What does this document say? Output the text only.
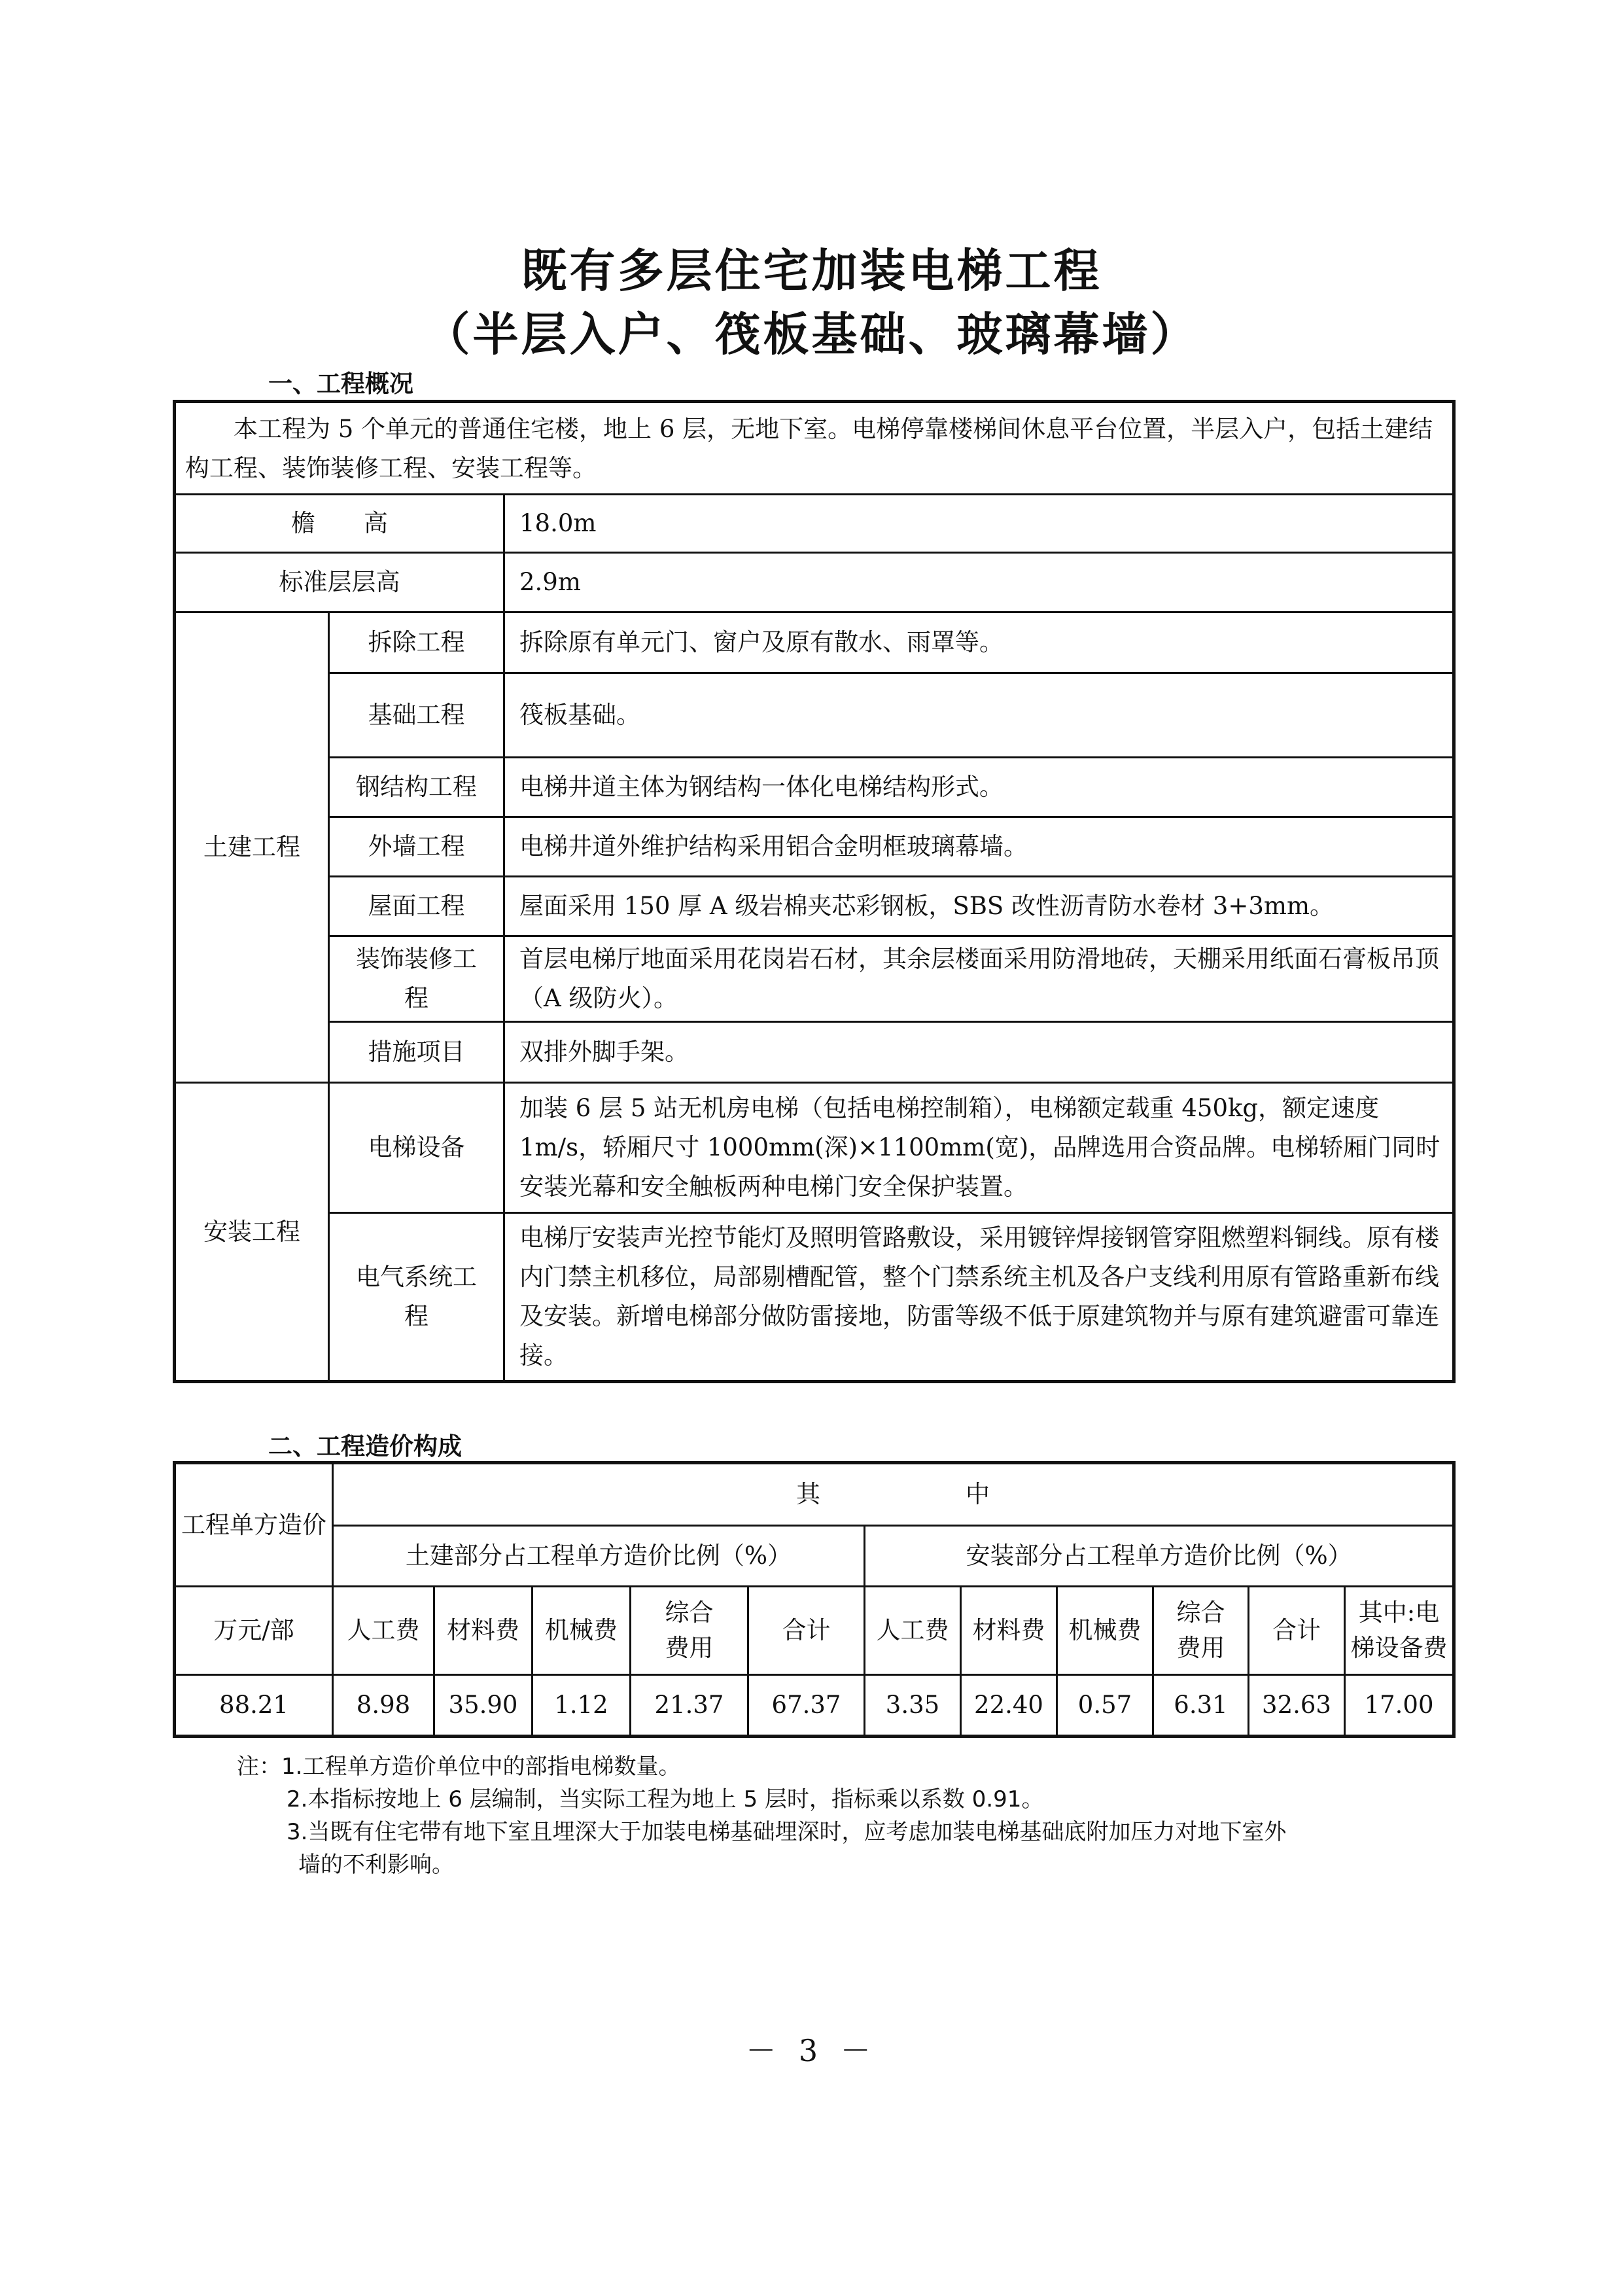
既有多层住宅加装电梯工程
（半层入户、筏板基础、玻璃幕墙）
一、工程概况
本工程为 5 个单元的普通住宅楼，地上 6 层，无地下室。电梯停靠楼梯间休息平台位置，半层入户，包括土建结构工程、装饰装修工程、安装工程等。		
檐　　高		18.0m
标准层层高		2.9m
土建工程	拆除工程	拆除原有单元门、窗户及原有散水、雨罩等。
	基础工程	筏板基础。
	钢结构工程	电梯井道主体为钢结构一体化电梯结构形式。
	外墙工程	电梯井道外维护结构采用铝合金明框玻璃幕墙。
	屋面工程	屋面采用 150 厚 A 级岩棉夹芯彩钢板，SBS 改性沥青防水卷材 3+3mm。
	装饰装修工程	首层电梯厅地面采用花岗岩石材，其余层楼面采用防滑地砖，天棚采用纸面石膏板吊顶（A 级防火）。
	措施项目	双排外脚手架。
安装工程	电梯设备	加装 6 层 5 站无机房电梯（包括电梯控制箱），电梯额定载重 450kg，额定速度 1m/s，轿厢尺寸 1000mm(深)×1100mm(宽)，品牌选用合资品牌。电梯轿厢门同时安装光幕和安全触板两种电梯门安全保护装置。
	电气系统工程	电梯厅安装声光控节能灯及照明管路敷设，采用镀锌焊接钢管穿阻燃塑料铜线。原有楼内门禁主机移位，局部剔槽配管，整个门禁系统主机及各户支线利用原有管路重新布线及安装。新增电梯部分做防雷接地，防雷等级不低于原建筑物并与原有建筑避雷可靠连接。
二、工程造价构成
工程单方造价	其　　　　　　中										
	土建部分占工程单方造价比例（%）					安装部分占工程单方造价比例（%）					
万元/部	人工费	材料费	机械费	综合费用	合计	人工费	材料费	机械费	综合费用	合计	其中:电梯设备费
88.21	8.98	35.90	1.12	21.37	67.37	3.35	22.40	0.57	6.31	32.63	17.00
注：1.工程单方造价单位中的部指电梯数量。
2.本指标按地上 6 层编制，当实际工程为地上 5 层时，指标乘以系数 0.91。
3.当既有住宅带有地下室且埋深大于加装电梯基础埋深时，应考虑加装电梯基础底附加压力对地下室外
墙的不利影响。
－ 3 －
